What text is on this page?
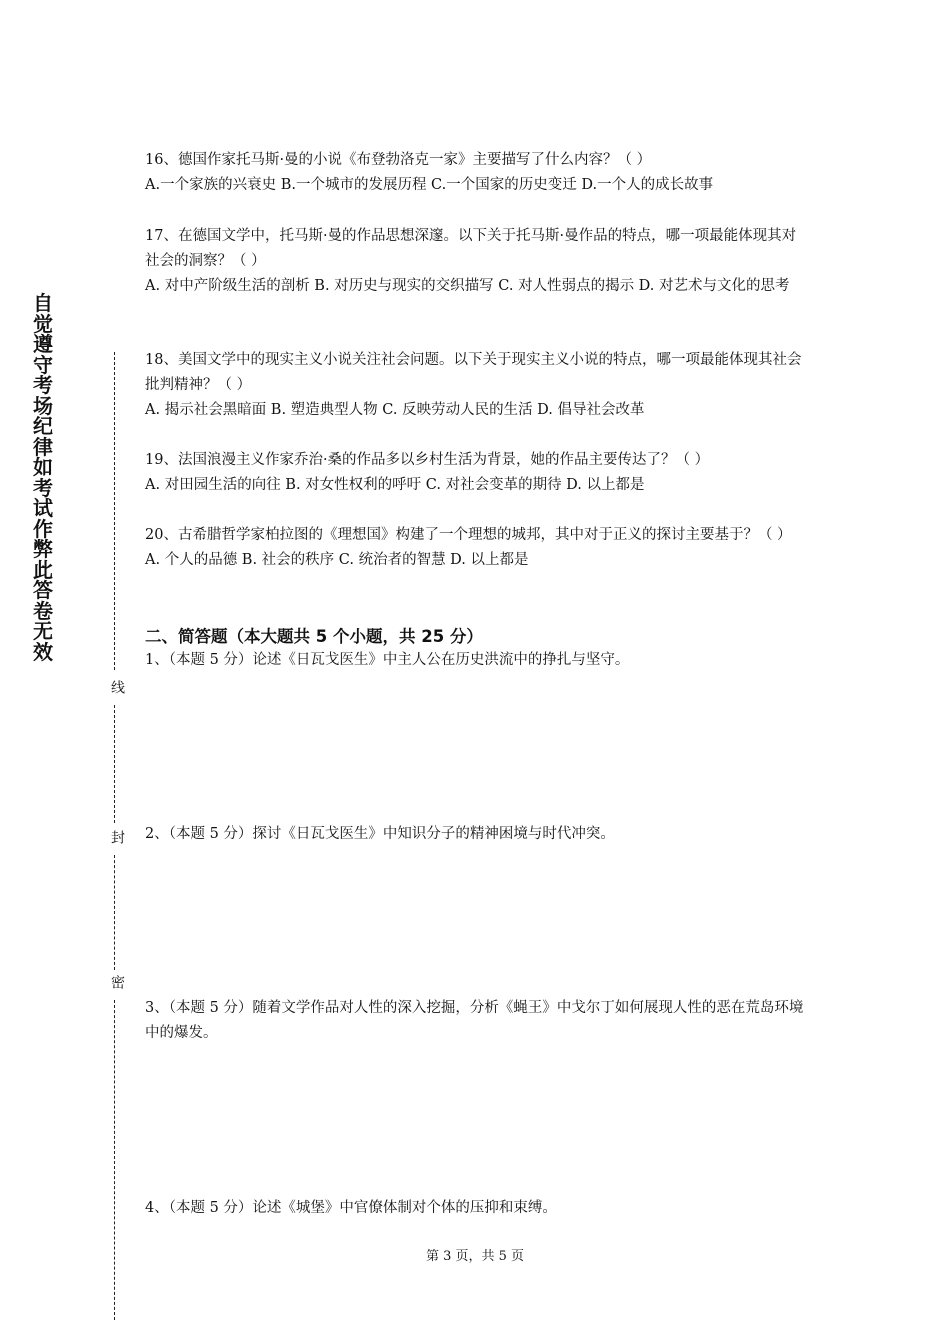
自觉遵守考场纪律如考试作弊此答卷无效
线
封
密

16、德国作家托马斯·曼的小说《布登勃洛克一家》主要描写了什么内容？（ ）

A.一个家族的兴衰史 B.一个城市的发展历程 C.一个国家的历史变迁 D.一个人的成长故事

17、在德国文学中，托马斯·曼的作品思想深邃。以下关于托马斯·曼作品的特点，哪一项最能体现其对社会的洞察？（ ）

A. 对中产阶级生活的剖析 B. 对历史与现实的交织描写 C. 对人性弱点的揭示 D. 对艺术与文化的思考

18、美国文学中的现实主义小说关注社会问题。以下关于现实主义小说的特点，哪一项最能体现其社会批判精神？（ ）

A. 揭示社会黑暗面 B. 塑造典型人物 C. 反映劳动人民的生活 D. 倡导社会改革

19、法国浪漫主义作家乔治·桑的作品多以乡村生活为背景，她的作品主要传达了？（ ）

A. 对田园生活的向往 B. 对女性权利的呼吁 C. 对社会变革的期待 D. 以上都是

20、古希腊哲学家柏拉图的《理想国》构建了一个理想的城邦，其中对于正义的探讨主要基于？（ ）

A. 个人的品德 B. 社会的秩序 C. 统治者的智慧 D. 以上都是

二、简答题（本大题共 5 个小题，共 25 分）
1、（本题 5 分）论述《日瓦戈医生》中主人公在历史洪流中的挣扎与坚守。
2、（本题 5 分）探讨《日瓦戈医生》中知识分子的精神困境与时代冲突。
3、（本题 5 分）随着文学作品对人性的深入挖掘，分析《蝇王》中戈尔丁如何展现人性的恶在荒岛环境中的爆发。
4、（本题 5 分）论述《城堡》中官僚体制对个体的压抑和束缚。
第 3 页，共 5 页
